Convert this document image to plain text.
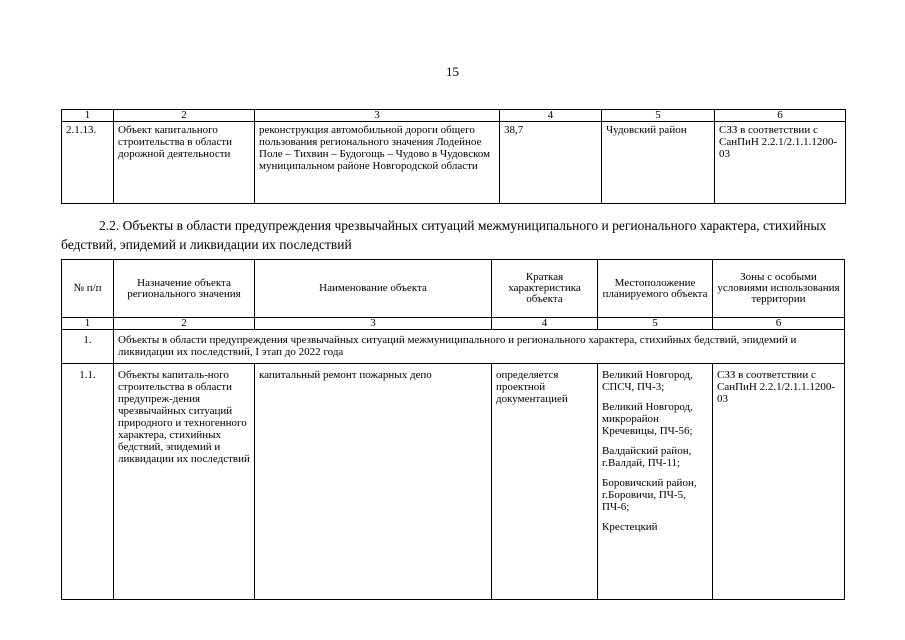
15
1	2	3	4	5	6
2.1.13.	Объект капитального строительства в области дорожной деятельности	реконструкция автомобильной дороги общего пользования регионального значения Лодейное Поле – Тихвин – Будогощь – Чудово в Чудовском муниципальном районе Новгородской области	38,7	Чудовский район	СЗЗ в соответствии с СанПиН 2.2.1/2.1.1.1200-03
2.2. Объекты в области предупреждения чрезвычайных ситуаций межмуниципального и регионального характера, стихийных бедствий, эпидемий и ликвидации их последствий
№ п/п	Назначение объекта регионального значения	Наименование объекта	Краткая характеристика объекта	Местоположение планируемого объекта	Зоны с особыми условиями использования территории
1	2	3	4	5	6
1.	Объекты в области предупреждения чрезвычайных ситуаций межмуниципального и регионального характера, стихийных бедствий, эпидемий и ликвидации их последствий, I этап до 2022 года				
1.1.	Объекты капиталь-ного строительства в области предупреж-дения чрезвычайных ситуаций природного и техногенного характера, стихийных бедствий, эпидемий и ликвидации их последствий	капитальный ремонт пожарных депо	определяется проектной документацией	Великий Новгород, СПСЧ, ПЧ-3;
Великий Новгород, микрорайон Кречевицы, ПЧ-56;
Валдайский район, г.Валдай, ПЧ-11;
Боровичский район, г.Боровичи, ПЧ-5, ПЧ-6;
Крестецкий	СЗЗ в соответствии с СанПиН 2.2.1/2.1.1.1200-03
